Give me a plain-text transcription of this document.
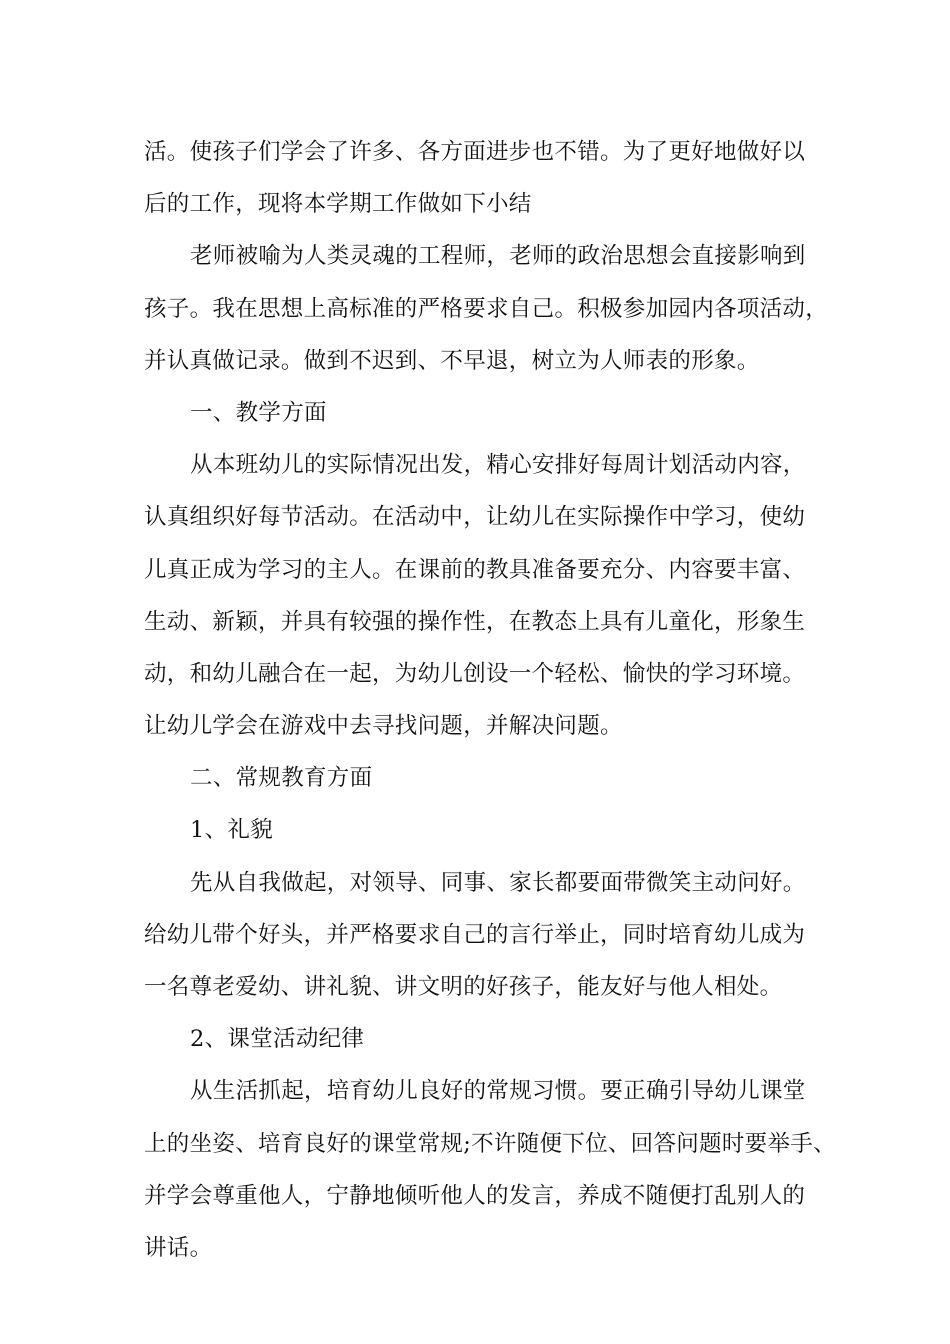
活。使孩子们学会了许多、各方面进步也不错。为了更好地做好以
后的工作，现将本学期工作做如下小结
老师被喻为人类灵魂的工程师，老师的政治思想会直接影响到
孩子。我在思想上高标准的严格要求自己。积极参加园内各项活动，
并认真做记录。做到不迟到、不早退，树立为人师表的形象。
一、教学方面
从本班幼儿的实际情况出发，精心安排好每周计划活动内容，
认真组织好每节活动。在活动中，让幼儿在实际操作中学习，使幼
儿真正成为学习的主人。在课前的教具准备要充分、内容要丰富、
生动、新颖，并具有较强的操作性，在教态上具有儿童化，形象生
动，和幼儿融合在一起，为幼儿创设一个轻松、愉快的学习环境。
让幼儿学会在游戏中去寻找问题，并解决问题。
二、常规教育方面
1、礼貌
先从自我做起，对领导、同事、家长都要面带微笑主动问好。
给幼儿带个好头，并严格要求自己的言行举止，同时培育幼儿成为
一名尊老爱幼、讲礼貌、讲文明的好孩子，能友好与他人相处。
2、课堂活动纪律
从生活抓起，培育幼儿良好的常规习惯。要正确引导幼儿课堂
上的坐姿、培育良好的课堂常规;不许随便下位、回答问题时要举手、
并学会尊重他人，宁静地倾听他人的发言，养成不随便打乱别人的
讲话。
